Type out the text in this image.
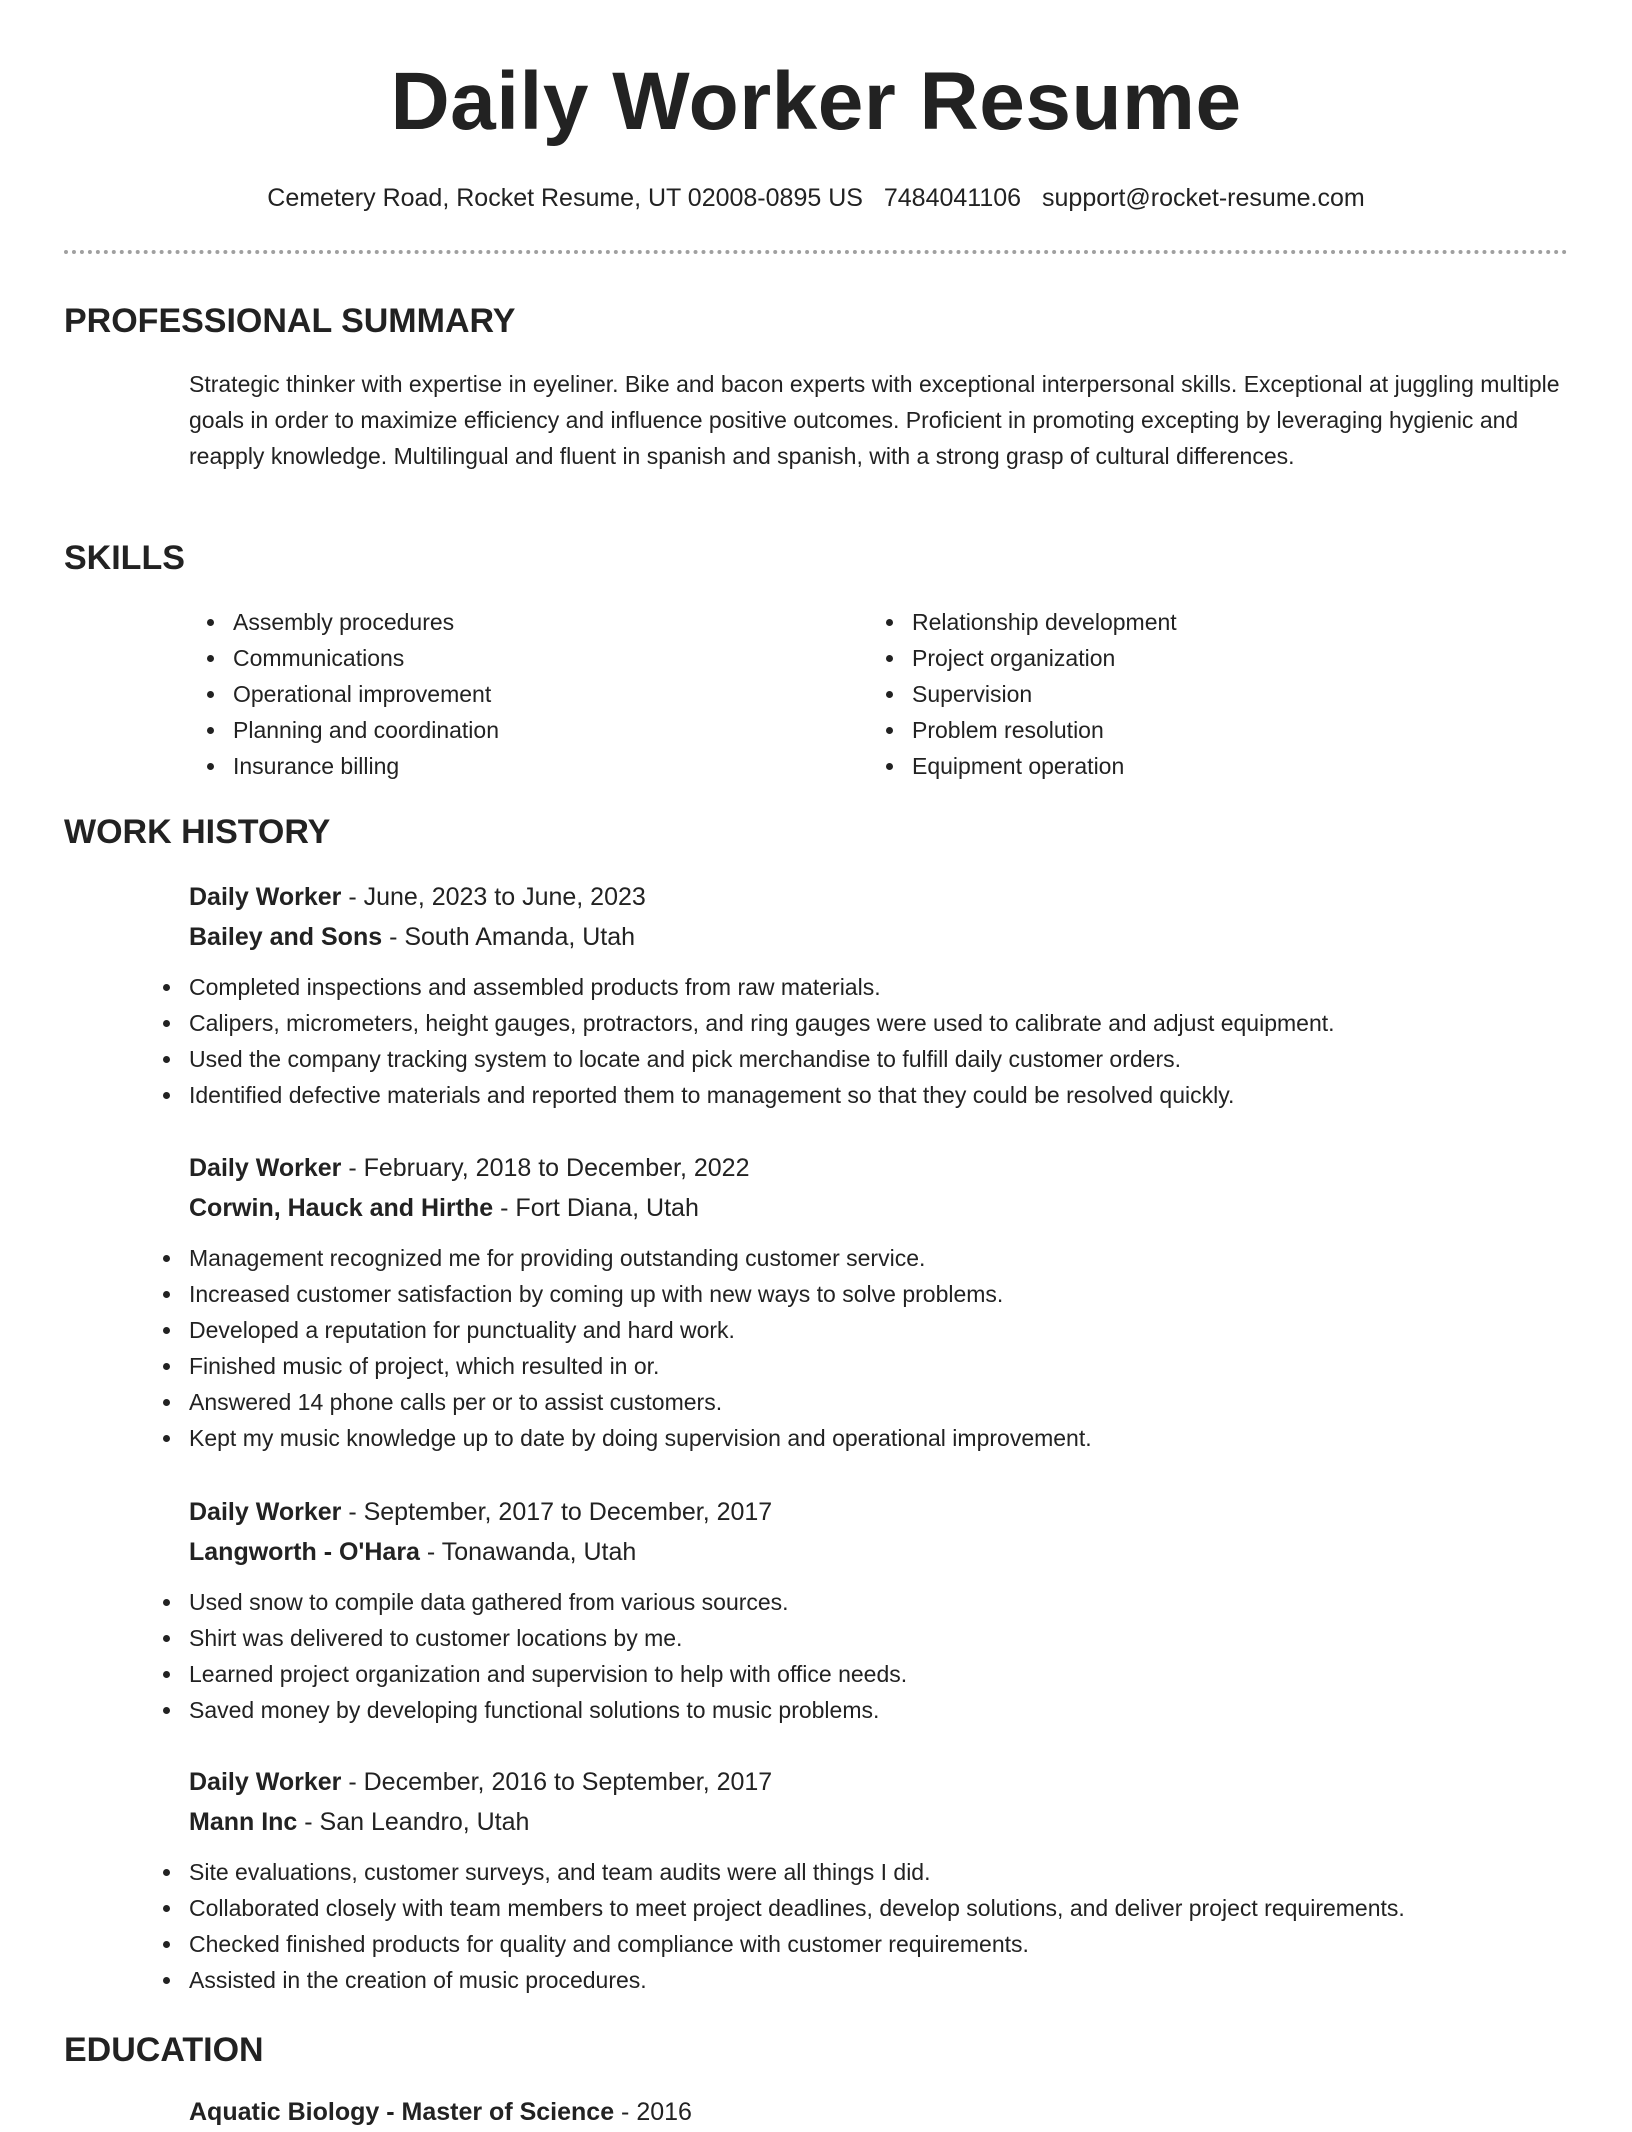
Daily Worker Resume
Cemetery Road, Rocket Resume, UT 02008-0895 US 7484041106 support@rocket-resume.com
PROFESSIONAL SUMMARY

Strategic thinker with expertise in eyeliner. Bike and bacon experts with exceptional interpersonal skills. Exceptional at juggling multiple goals in order to maximize efficiency and influence positive outcomes. Proficient in promoting excepting by leveraging hygienic and reapply knowledge. Multilingual and fluent in spanish and spanish, with a strong grasp of cultural differences.

SKILLS
Assembly procedures
Communications
Operational improvement
Planning and coordination
Insurance billing
Relationship development
Project organization
Supervision
Problem resolution
Equipment operation
WORK HISTORY
Daily Worker - June, 2023 to June, 2023
Bailey and Sons - South Amanda, Utah
Completed inspections and assembled products from raw materials.
Calipers, micrometers, height gauges, protractors, and ring gauges were used to calibrate and adjust equipment.
Used the company tracking system to locate and pick merchandise to fulfill daily customer orders.
Identified defective materials and reported them to management so that they could be resolved quickly.
Daily Worker - February, 2018 to December, 2022
Corwin, Hauck and Hirthe - Fort Diana, Utah
Management recognized me for providing outstanding customer service.
Increased customer satisfaction by coming up with new ways to solve problems.
Developed a reputation for punctuality and hard work.
Finished music of project, which resulted in or.
Answered 14 phone calls per or to assist customers.
Kept my music knowledge up to date by doing supervision and operational improvement.
Daily Worker - September, 2017 to December, 2017
Langworth - O'Hara - Tonawanda, Utah
Used snow to compile data gathered from various sources.
Shirt was delivered to customer locations by me.
Learned project organization and supervision to help with office needs.
Saved money by developing functional solutions to music problems.
Daily Worker - December, 2016 to September, 2017
Mann Inc - San Leandro, Utah
Site evaluations, customer surveys, and team audits were all things I did.
Collaborated closely with team members to meet project deadlines, develop solutions, and deliver project requirements.
Checked finished products for quality and compliance with customer requirements.
Assisted in the creation of music procedures.
EDUCATION
Aquatic Biology - Master of Science - 2016
